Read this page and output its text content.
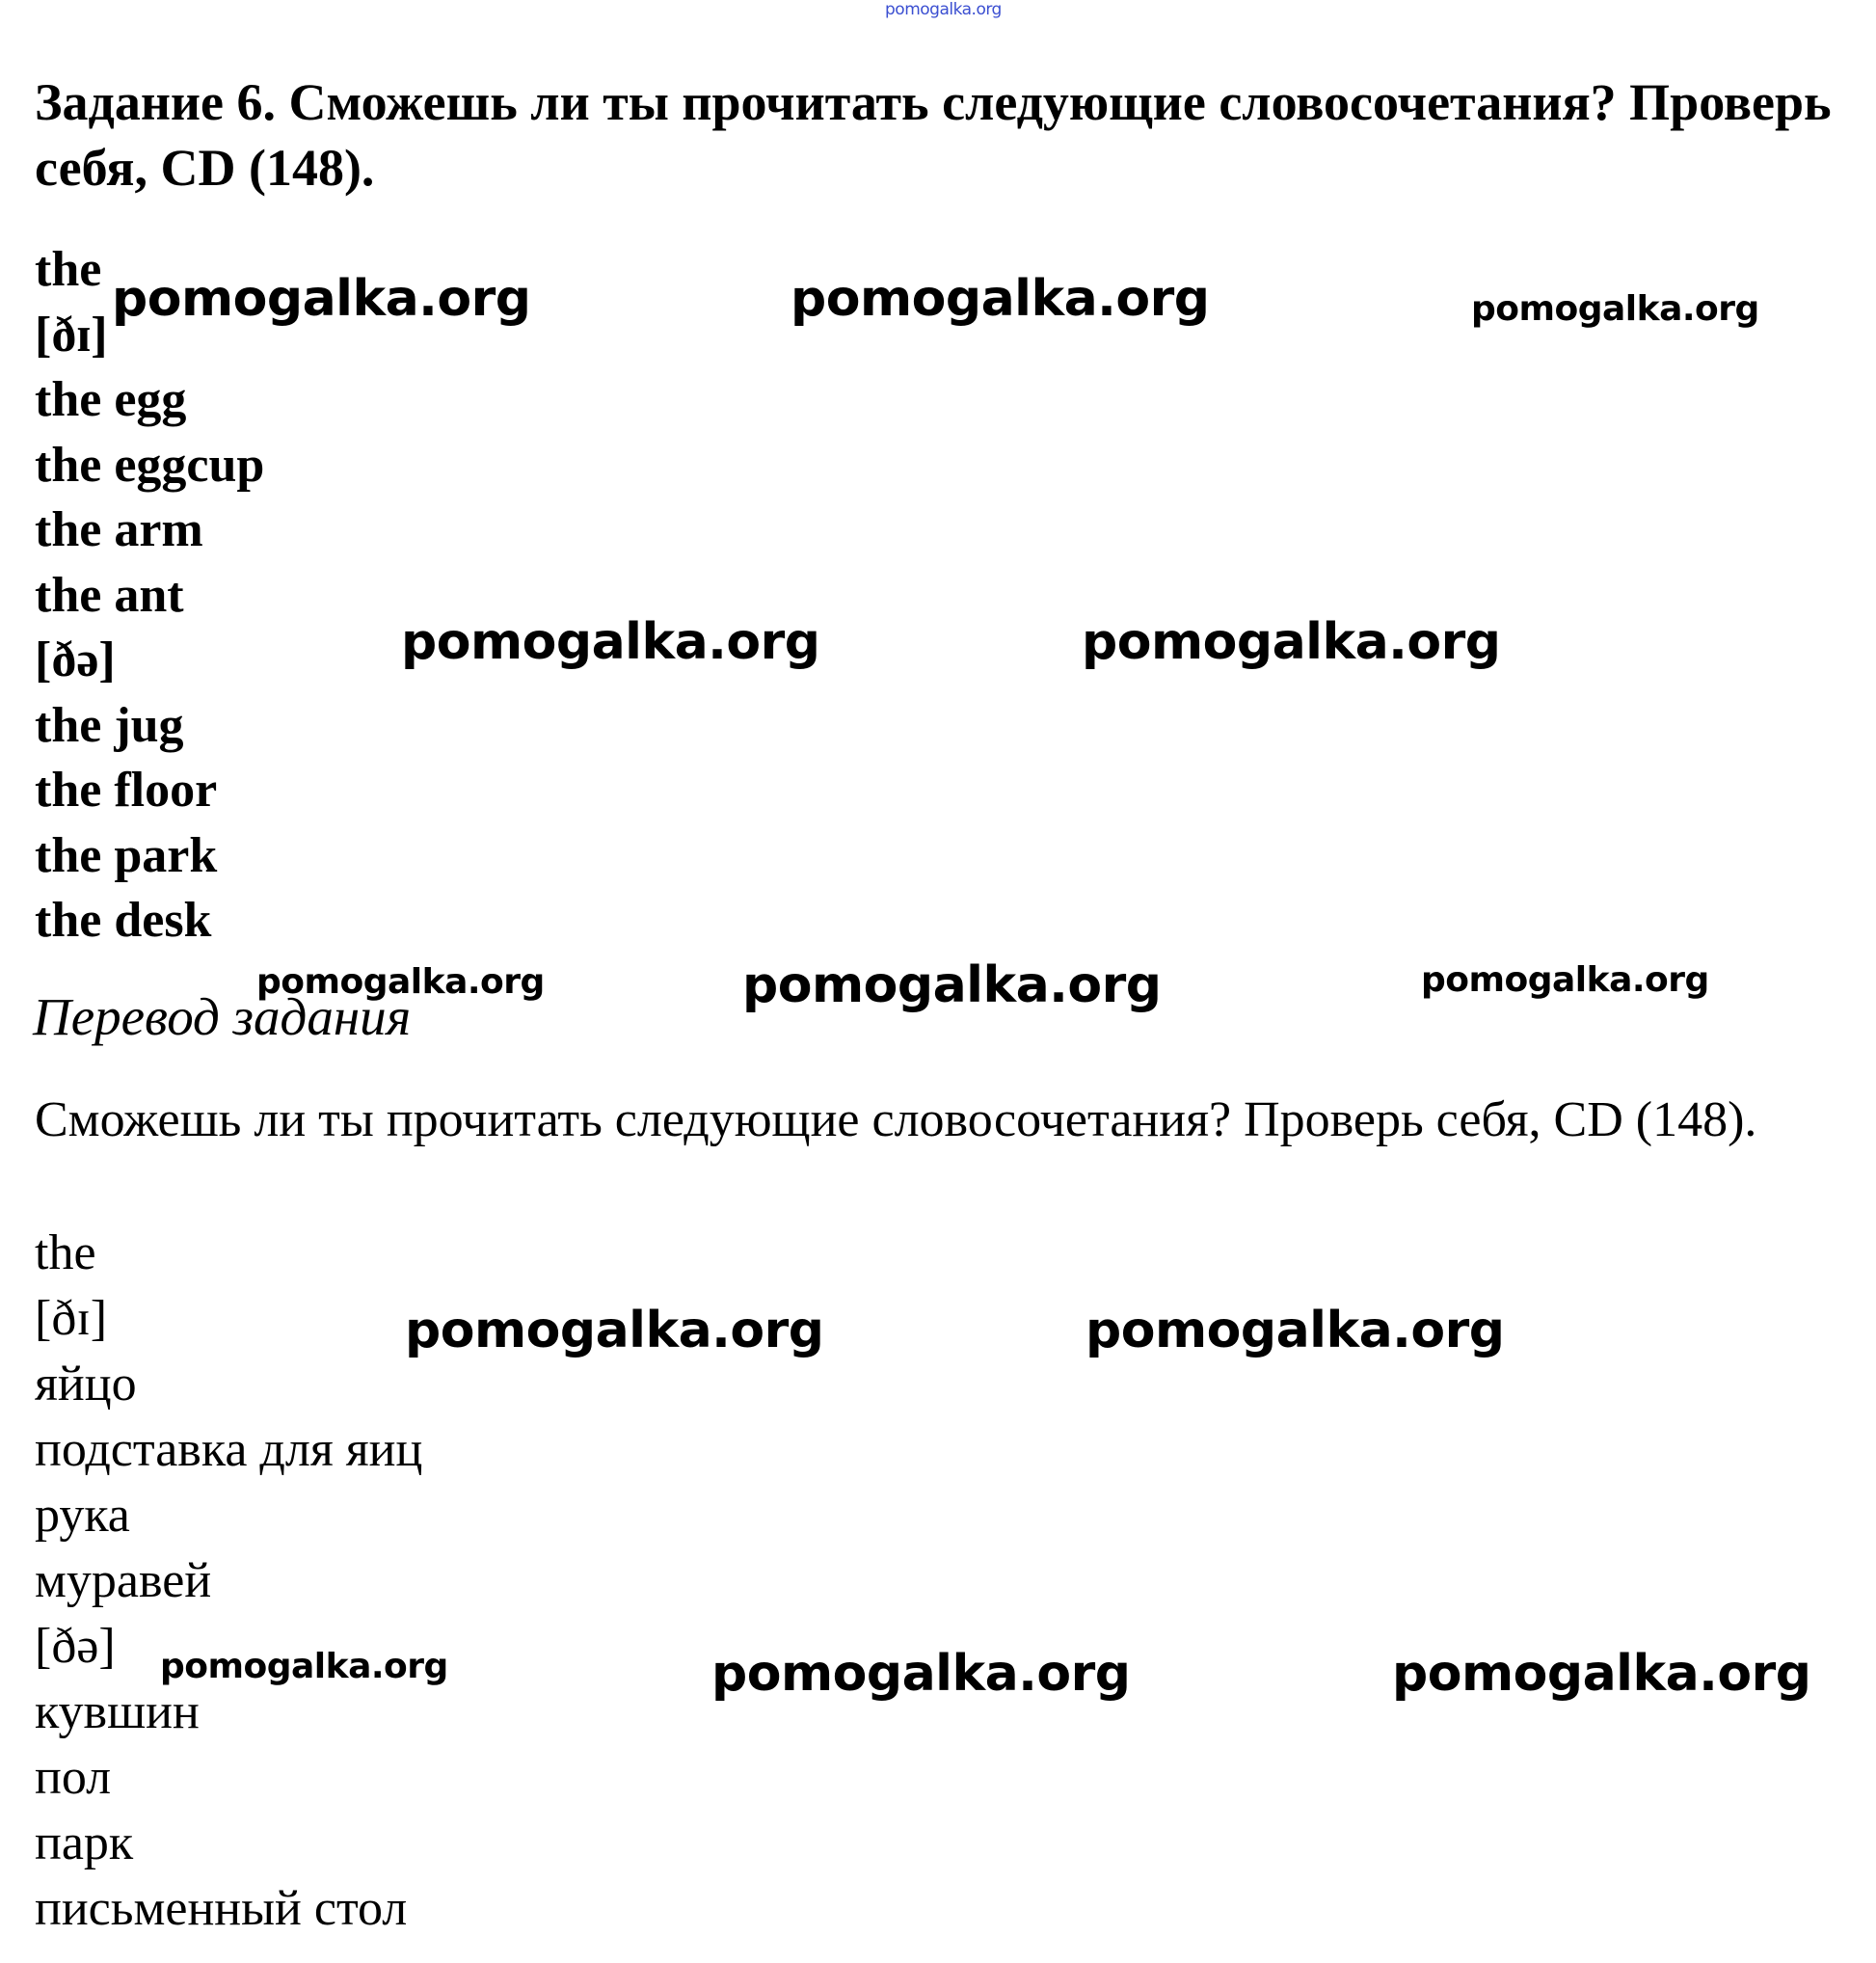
pomogalka.org
Задание 6. Сможешь ли ты прочитать следующие словосочетания? Проверь себя, CD (148).
the
[ðɪ]
the egg
the eggcup
the arm
the ant
[ðə]
the jug
the floor
the park
the desk
Перевод задания

Сможешь ли ты прочитать следующие словосочетания? Проверь себя, CD (148).

the
[ðɪ]
яйцо
подставка для яиц
рука
муравей
[ðə]
кувшин
пол
парк
письменный стол
pomogalka.org	pomogalka.org	pomogalka.org
pomogalka.org	pomogalka.org
pomogalka.org	pomogalka.org	pomogalka.org
pomogalka.org	pomogalka.org
pomogalka.org	pomogalka.org	pomogalka.org
